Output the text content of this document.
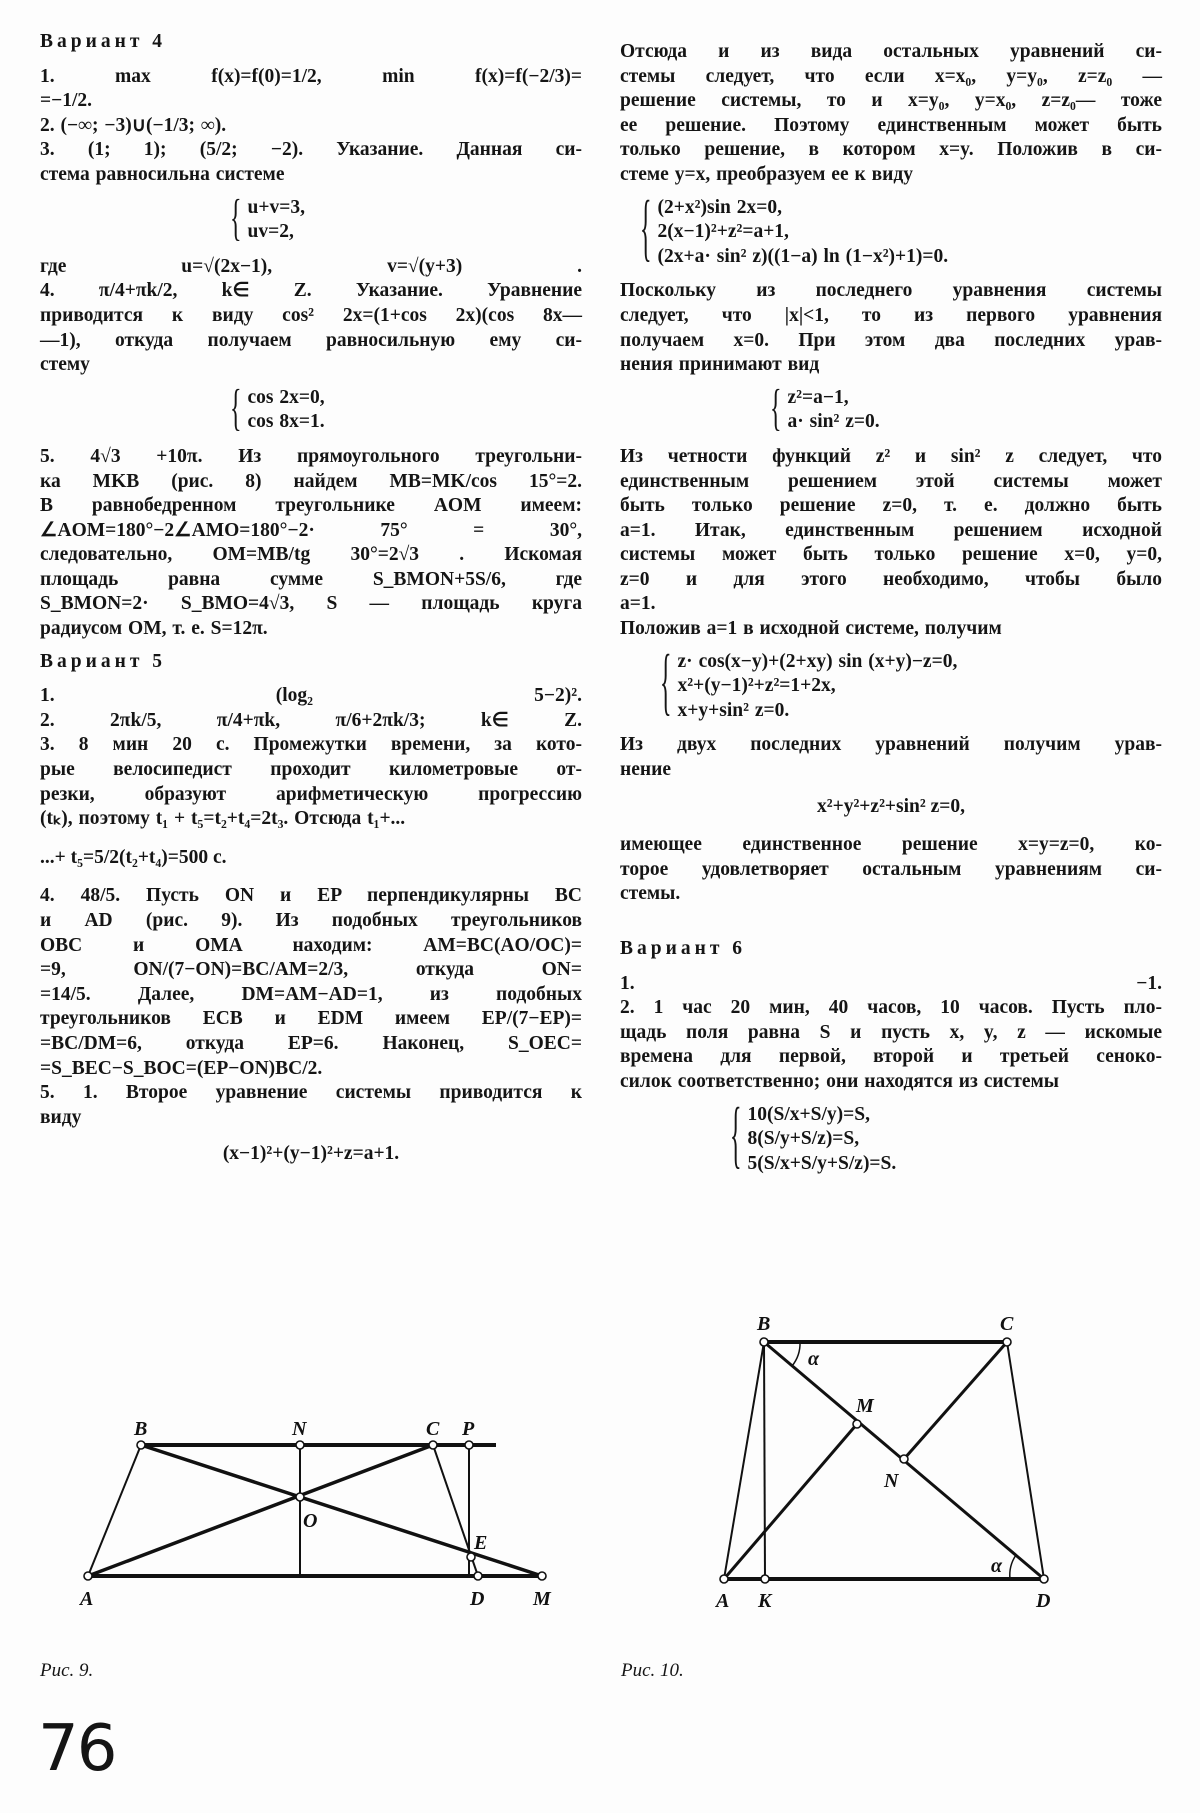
Вариант 4
1. max f(x)=f(0)=1/2, min f(x)=f(−2/3)=
=−1/2.
2. (−∞; −3)∪(−1/3; ∞).
3. (1; 1); (5/2; −2). Указание. Данная си-
стема равносильна системе
{ u+v=3,
uv=2,
где u=√(2x−1), v=√(y+3) .
4. π/4+πk/2, k∈ Z. Указание. Уравнение
приводится к виду cos² 2x=(1+cos 2x)(cos 8x—
—1), откуда получаем равносильную ему си-
стему
{ cos 2x=0,
cos 8x=1.
5. 4√3 +10π. Из прямоугольного треугольни-
ка MKB (рис. 8) найдем MB=MK/cos 15°=2.
В равнобедренном треугольнике AOM имеем:
∠AOM=180°−2∠AMO=180°−2· 75° = 30°,
следовательно, OM=MB/tg 30°=2√3 . Искомая
площадь равна сумме S_BMON+5S/6, где
S_BMON=2· S_BMO=4√3, S — площадь круга
радиусом OM, т. е. S=12π.
Вариант 5
1. (log₂ 5−2)².
2. 2πk/5, π/4+πk, π/6+2πk/3; k∈ Z.
3. 8 мин 20 с. Промежутки времени, за кото-
рые велосипедист проходит километровые от-
резки, образуют арифметическую прогрессию
(tₖ), поэтому t₁ + t₅=t₂+t₄=2t₃. Отсюда t₁+...
...+ t₅=5/2(t₂+t₄)=500 с.
4. 48/5. Пусть ON и EP перпендикулярны BC
и AD (рис. 9). Из подобных треугольников
OBC и OMA находим: AM=BC(AO/OC)=
=9, ON/(7−ON)=BC/AM=2/3, откуда ON=
=14/5. Далее, DM=AM−AD=1, из подобных
треугольников ECB и EDM имеем EP/(7−EP)=
=BC/DM=6, откуда EP=6. Наконец, S_OEC=
=S_BEC−S_BOC=(EP−ON)BC/2.
5. 1. Второе уравнение системы приводится к
виду
(x−1)²+(y−1)²+z=a+1.
Отсюда и из вида остальных уравнений си-
стемы следует, что если x=x₀, y=y₀, z=z₀ —
решение системы, то и x=y₀, y=x₀, z=z₀— тоже
ее решение. Поэтому единственным может быть
только решение, в котором x=y. Положив в си-
стеме y=x, преобразуем ее к виду
{ (2+x²)sin 2x=0,
2(x−1)²+z²=a+1,
(2x+a· sin² z)((1−a) ln (1−x²)+1)=0.
Поскольку из последнего уравнения системы
следует, что |x|<1, то из первого уравнения
получаем x=0. При этом два последних урав-
нения принимают вид
{ z²=a−1,
a· sin² z=0.
Из четности функций z² и sin² z следует, что
единственным решением этой системы может
быть только решение z=0, т. е. должно быть
a=1. Итак, единственным решением исходной
системы может быть только решение x=0, y=0,
z=0 и для этого необходимо, чтобы было
a=1.
Положив a=1 в исходной системе, получим
{ z· cos(x−y)+(2+xy) sin (x+y)−z=0,
x²+(y−1)²+z²=1+2x,
x+y+sin² z=0.
Из двух последних уравнений получим урав-
нение
x²+y²+z²+sin² z=0,
имеющее единственное решение x=y=z=0, ко-
торое удовлетворяет остальным уравнениям си-
стемы.
Вариант 6
1. −1.
2. 1 час 20 мин, 40 часов, 10 часов. Пусть пло-
щадь поля равна S и пусть x, y, z — искомые
времена для первой, второй и третьей сеноко-
силок соответственно; они находятся из системы
{ 10(S/x+S/y)=S,
8(S/y+S/z)=S,
5(S/x+S/y+S/z)=S.
B	N	C P
O
E
A	D M
B	C
α
M
N
α
A K	D
Рис. 9.	Рис. 10.
76
